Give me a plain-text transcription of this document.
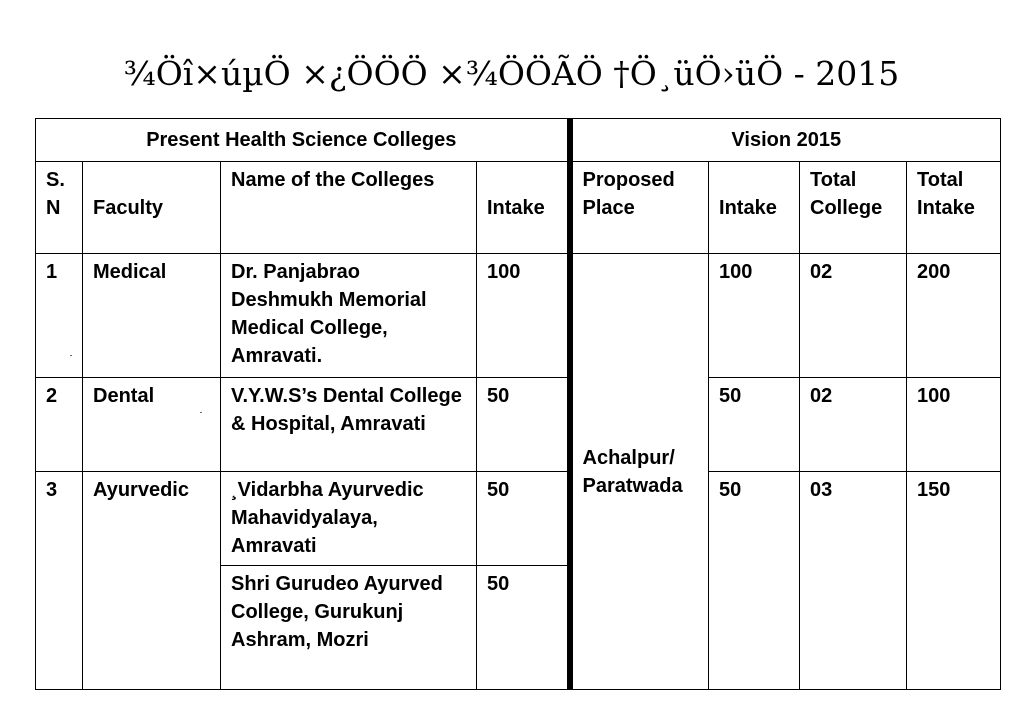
¾Öî×úµÖ ×¿ÖÖÖ ×¾ÖÖÃÖ †Ö¸üÖ›üÖ - 2015
Present Health Science Colleges				Vision 2015			
S. N	Faculty	Name of the Colleges	Intake	Proposed Place	Intake	Total College	Total Intake
1	Medical	Dr. Panjabrao Deshmukh Memorial Medical College, Amravati.	100	Achalpur/ Paratwada	100	02	200
2	Dental	V.Y.W.S’s Dental College & Hospital, Amravati	50		50	02	100
3	Ayurvedic	¸Vidarbha Ayurvedic Mahavidyalaya, Amravati	50		50	03	150
		Shri Gurudeo Ayurved College, Gurukunj Ashram, Mozri	50				
